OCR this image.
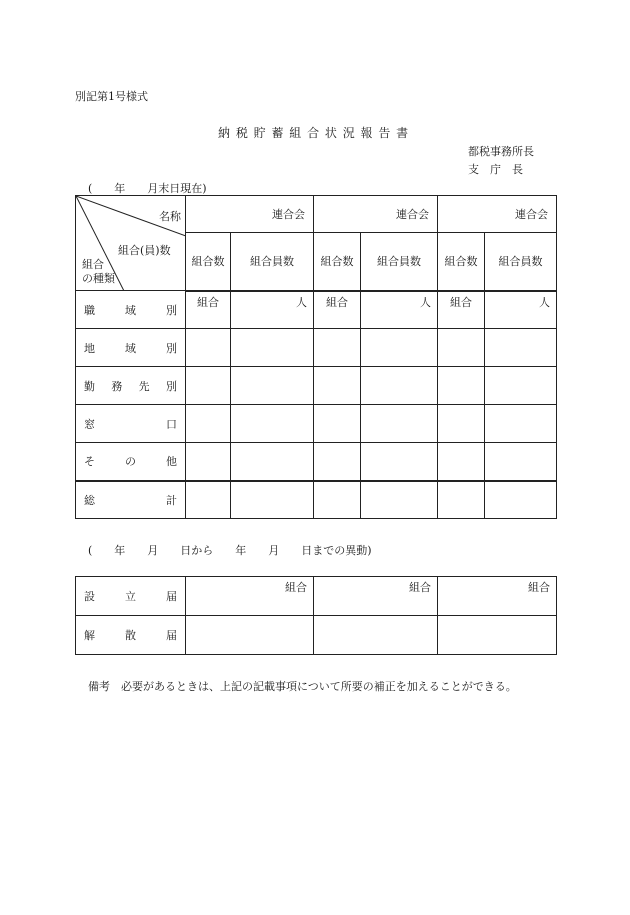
別記第1号様式
納 税 貯 蓄 組 合 状 況 報 告 書
都税事務所長
支　庁　長
(　　年　　月末日現在)
名称
組合(員)数
組合
の種類	連合会		連合会		連合会	
	組合数	組合員数	組合数	組合員数	組合数	組合員数

職 域 別	組合	人	組合	人	組合	人

地 域 別						

勤 務 先 別						

窓 口						

そ の 他						

総 計						

(　　年　　月　　日から　　年　　月　　日までの異動)
設 立 届	組合	組合	組合

解 散 届			

備考　必要があるときは、上記の記載事項について所要の補正を加えることができる。
